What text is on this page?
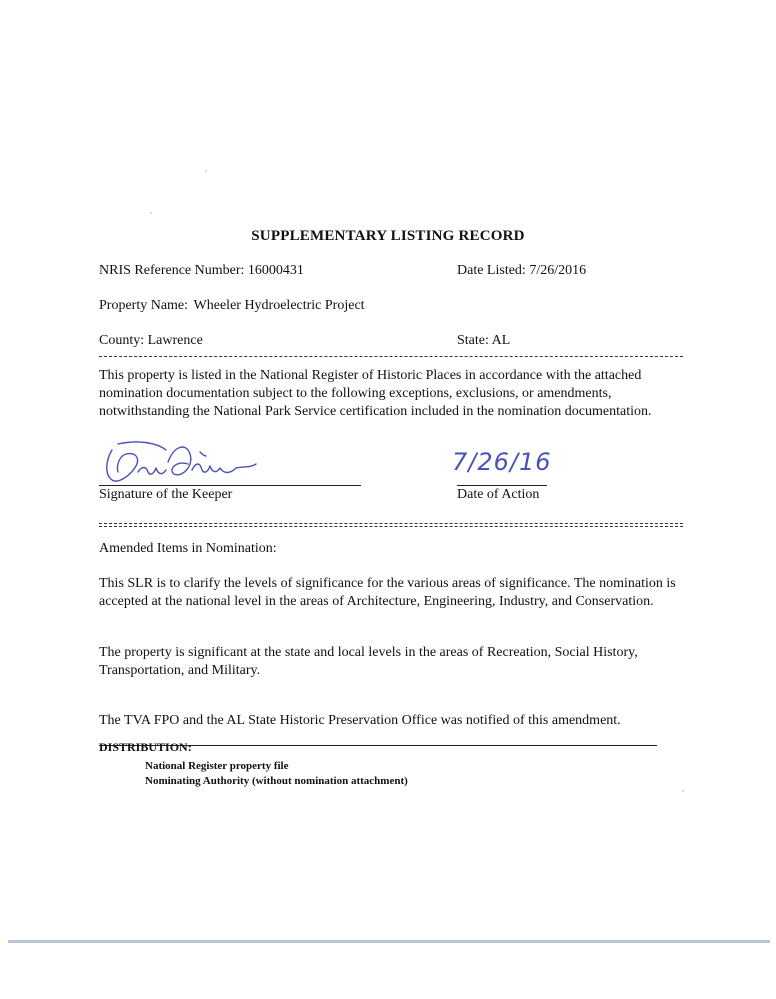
SUPPLEMENTARY LISTING RECORD
NRIS Reference Number: 16000431	Date Listed: 7/26/2016
Property Name: Wheeler Hydroelectric Project
County: Lawrence	State: AL
This property is listed in the National Register of Historic Places in accordance with the attached nomination documentation subject to the following exceptions, exclusions, or amendments, notwithstanding the National Park Service certification included in the nomination documentation.
Signature of the Keeper
7/26/16
Date of Action
Amended Items in Nomination:
This SLR is to clarify the levels of significance for the various areas of significance. The nomination is accepted at the national level in the areas of Architecture, Engineering, Industry, and Conservation.
The property is significant at the state and local levels in the areas of Recreation, Social History, Transportation, and Military.
The TVA FPO and the AL State Historic Preservation Office was notified of this amendment.
DISTRIBUTION:
National Register property file
Nominating Authority (without nomination attachment)
